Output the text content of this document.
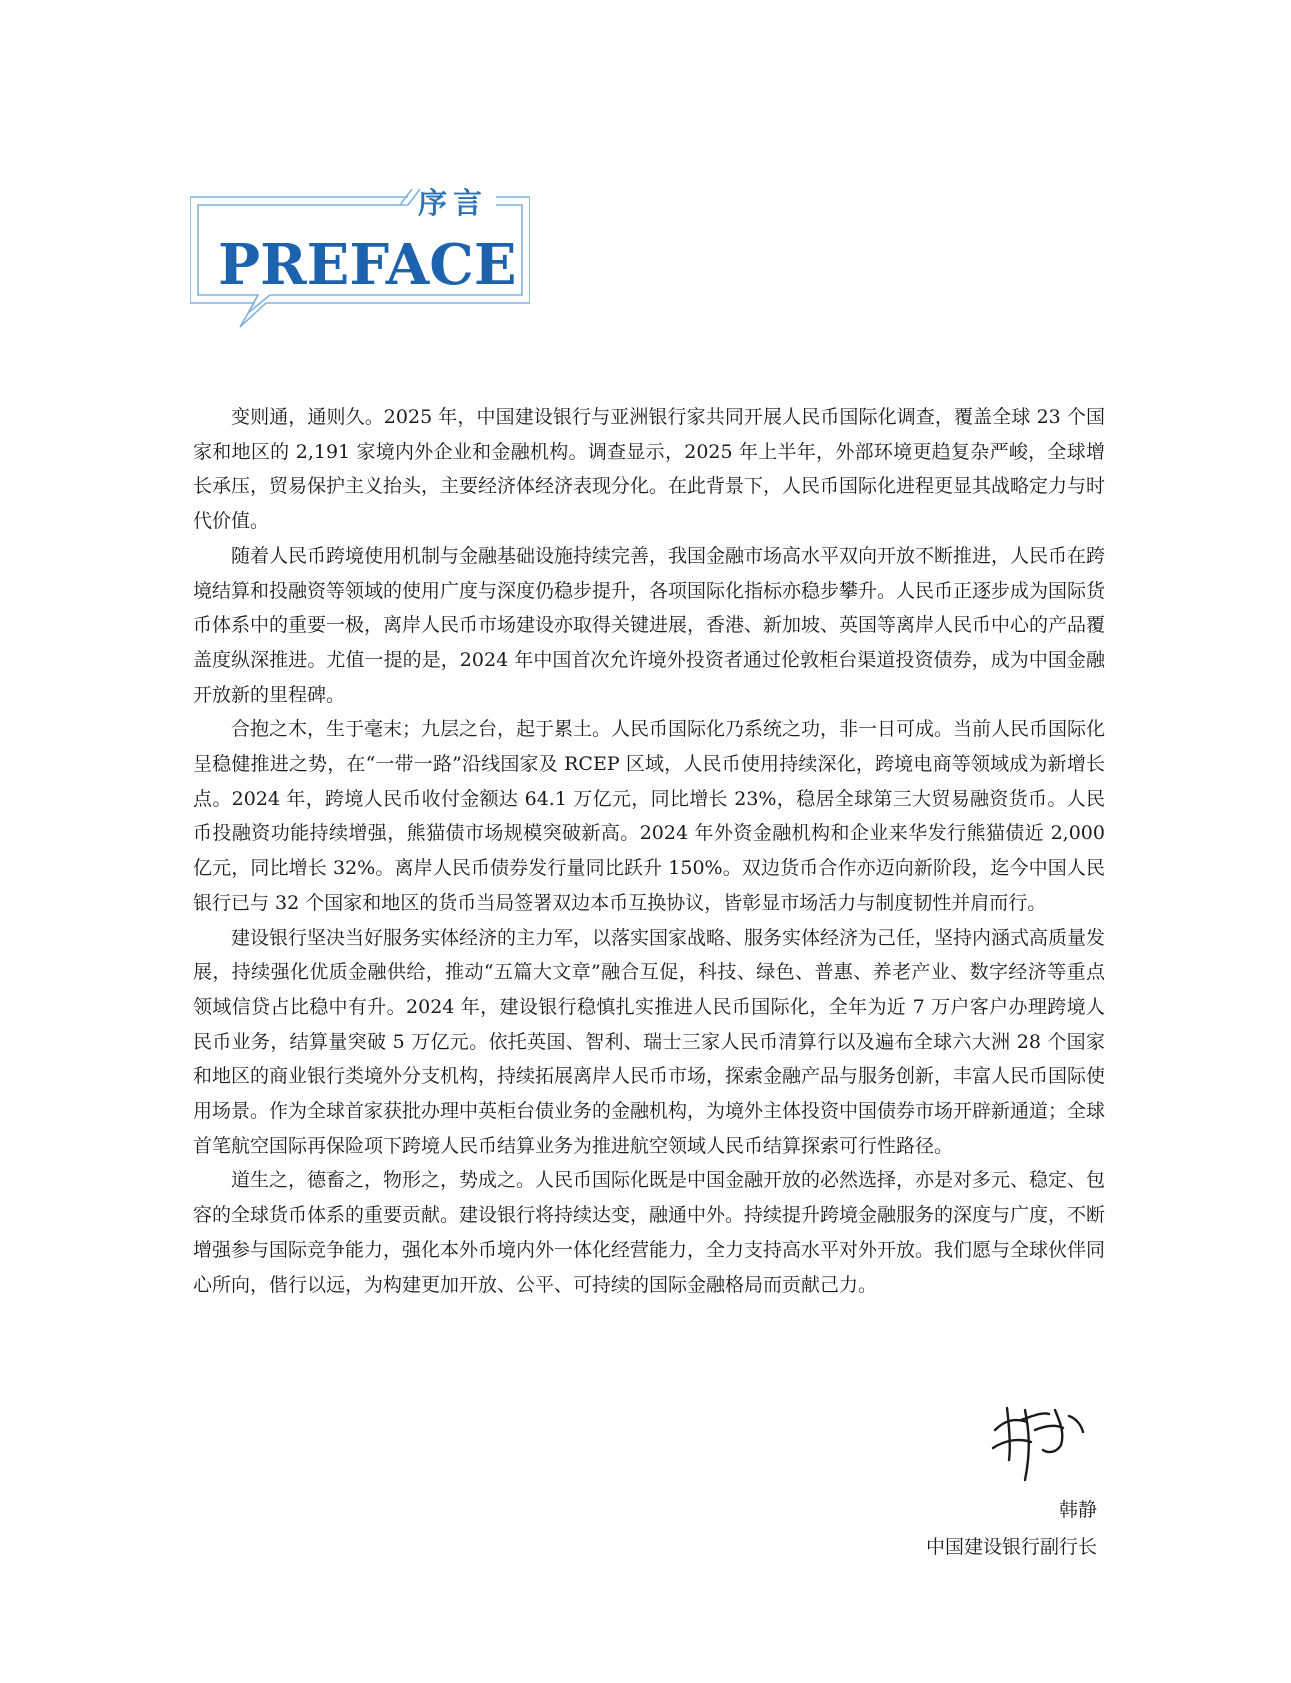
序言
PREFACE

变则通，通则久。2025 年，中国建设银行与亚洲银行家共同开展人民币国际化调查，覆盖全球 23 个国家和地区的 2,191 家境内外企业和金融机构。调查显示，2025 年上半年，外部环境更趋复杂严峻，全球增长承压，贸易保护主义抬头，主要经济体经济表现分化。在此背景下，人民币国际化进程更显其战略定力与时代价值。

随着人民币跨境使用机制与金融基础设施持续完善，我国金融市场高水平双向开放不断推进，人民币在跨境结算和投融资等领域的使用广度与深度仍稳步提升，各项国际化指标亦稳步攀升。人民币正逐步成为国际货币体系中的重要一极，离岸人民币市场建设亦取得关键进展，香港、新加坡、英国等离岸人民币中心的产品覆盖度纵深推进。尤值一提的是，2024 年中国首次允许境外投资者通过伦敦柜台渠道投资债券，成为中国金融开放新的里程碑。

合抱之木，生于毫末；九层之台，起于累土。人民币国际化乃系统之功，非一日可成。当前人民币国际化呈稳健推进之势，在“一带一路”沿线国家及 RCEP 区域，人民币使用持续深化，跨境电商等领域成为新增长点。2024 年，跨境人民币收付金额达 64.1 万亿元，同比增长 23%，稳居全球第三大贸易融资货币。人民币投融资功能持续增强，熊猫债市场规模突破新高。2024 年外资金融机构和企业来华发行熊猫债近 2,000 亿元，同比增长 32%。离岸人民币债券发行量同比跃升 150%。双边货币合作亦迈向新阶段，迄今中国人民银行已与 32 个国家和地区的货币当局签署双边本币互换协议，皆彰显市场活力与制度韧性并肩而行。

建设银行坚决当好服务实体经济的主力军，以落实国家战略、服务实体经济为己任，坚持内涵式高质量发展，持续强化优质金融供给，推动“五篇大文章”融合互促，科技、绿色、普惠、养老产业、数字经济等重点领域信贷占比稳中有升。2024 年，建设银行稳慎扎实推进人民币国际化，全年为近 7 万户客户办理跨境人民币业务，结算量突破 5 万亿元。依托英国、智利、瑞士三家人民币清算行以及遍布全球六大洲 28 个国家和地区的商业银行类境外分支机构，持续拓展离岸人民币市场，探索金融产品与服务创新，丰富人民币国际使用场景。作为全球首家获批办理中英柜台债业务的金融机构，为境外主体投资中国债券市场开辟新通道；全球首笔航空国际再保险项下跨境人民币结算业务为推进航空领域人民币结算探索可行性路径。

道生之，德畜之，物形之，势成之。人民币国际化既是中国金融开放的必然选择，亦是对多元、稳定、包容的全球货币体系的重要贡献。建设银行将持续达变，融通中外。持续提升跨境金融服务的深度与广度，不断增强参与国际竞争能力，强化本外币境内外一体化经营能力，全力支持高水平对外开放。我们愿与全球伙伴同心所向，偕行以远，为构建更加开放、公平、可持续的国际金融格局而贡献己力。

韩静
中国建设银行副行长
